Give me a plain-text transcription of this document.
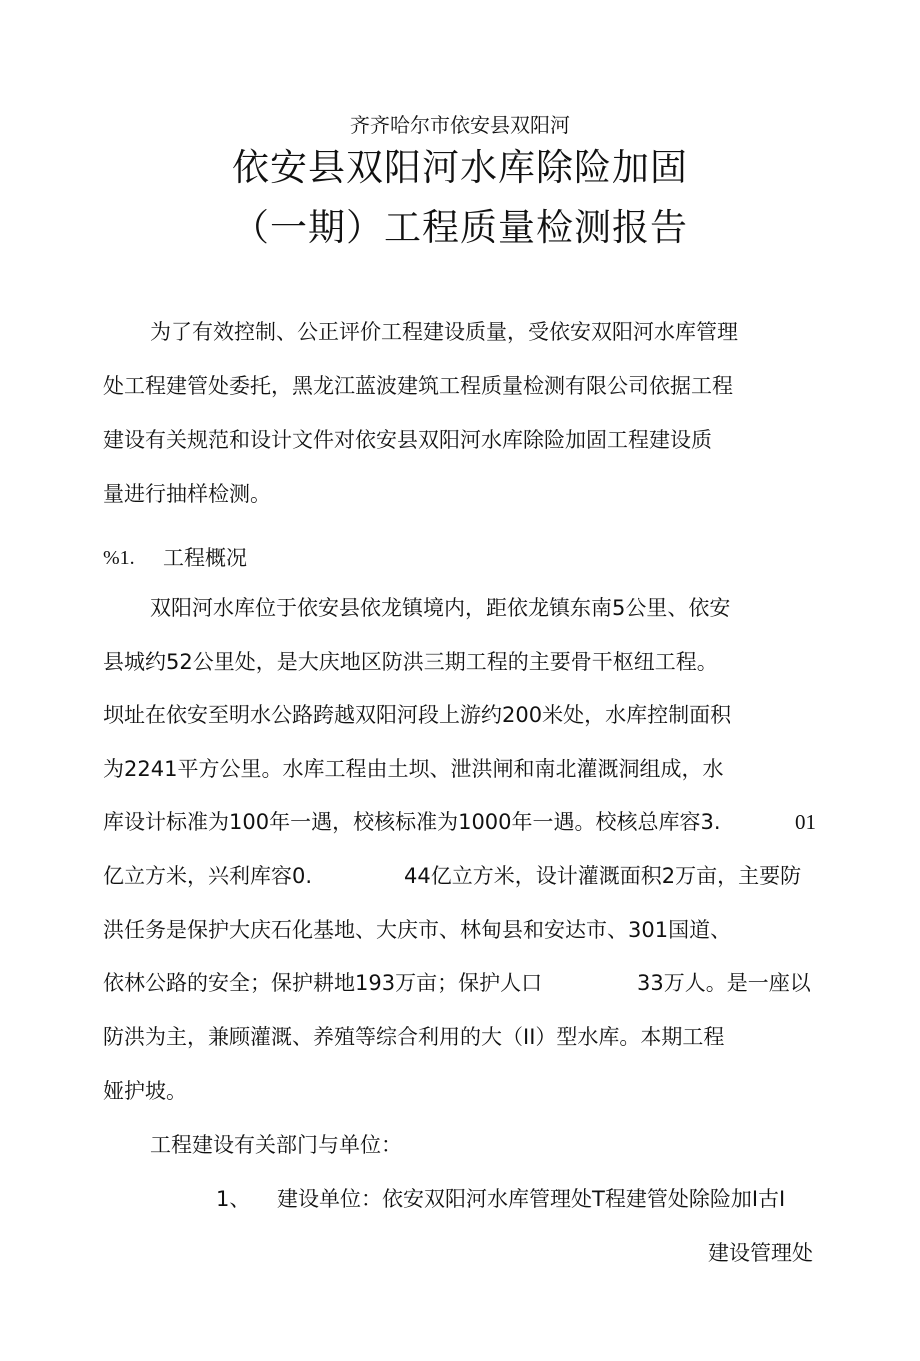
齐齐哈尔市依安县双阳河
依安县双阳河水库除险加固
（一期）工程质量检测报告
为了有效控制、公正评价工程建设质量，受依安双阳河水库管理
处工程建管处委托，黑龙江蓝波建筑工程质量检测有限公司依据工程
建设有关规范和设计文件对依安县双阳河水库除险加固工程建设质
量进行抽样检测。
%1. 工程概况
双阳河水库位于依安县依龙镇境内，距依龙镇东南5公里、依安
县城约52公里处，是大庆地区防洪三期工程的主要骨干枢纽工程。
坝址在依安至明水公路跨越双阳河段上游约200米处，水库控制面积
为2241平方公里。水库工程由土坝、泄洪闸和南北灌溉洞组成，水
库设计标准为100年一遇，校核标准为1000年一遇。校核总库容3.	01
亿立方米，兴利库容0.	44亿立方米，设计灌溉面积2万亩，主要防
洪任务是保护大庆石化基地、大庆市、林甸县和安达市、301国道、
依林公路的安全；保护耕地193万亩；保护人口	33万人。是一座以
防洪为主，兼顾灌溉、养殖等综合利用的大（II）型水库。本期工程
娅护坡。
工程建设有关部门与单位：
1、 建设单位：依安双阳河水库管理处T程建管处除险加I古I
建设管理处
